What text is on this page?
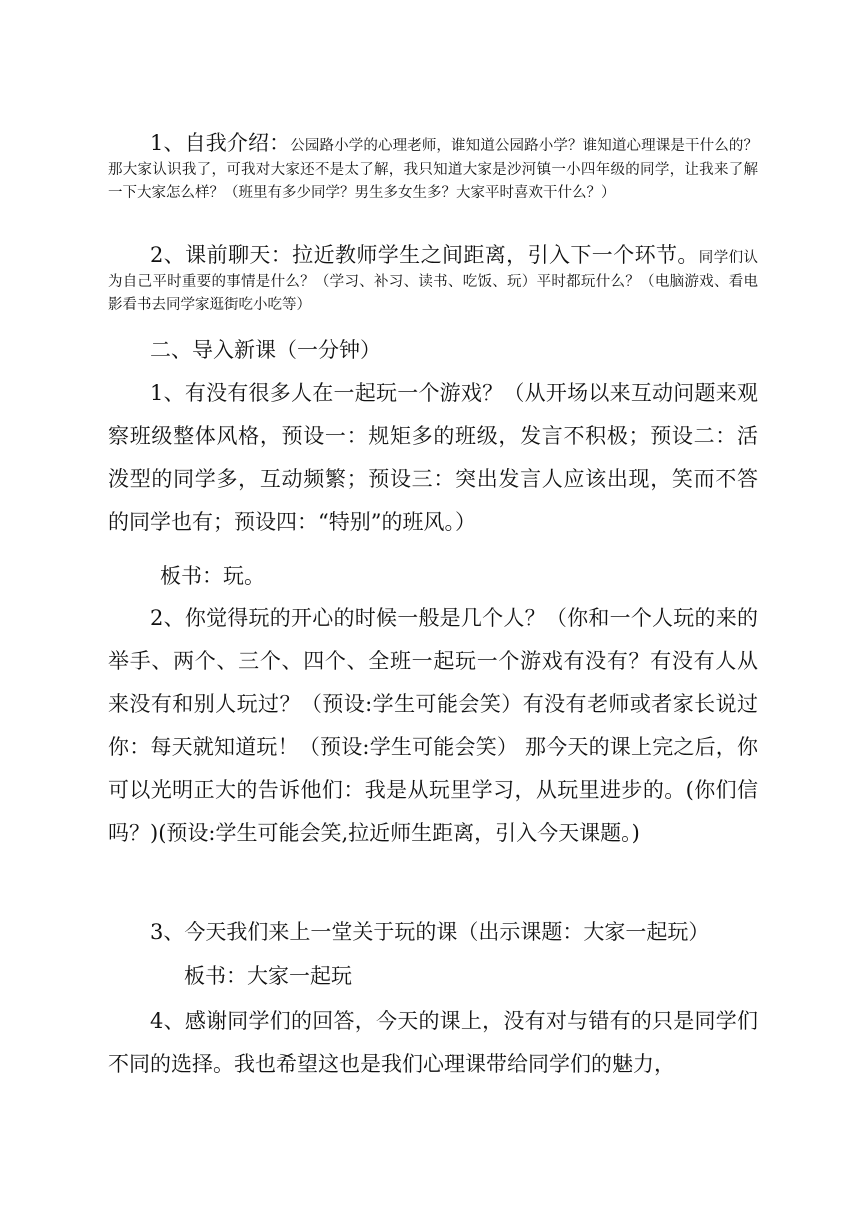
1、自我介绍：公园路小学的心理老师，谁知道公园路小学？谁知道心理课是干什么的？那大家认识我了，可我对大家还不是太了解，我只知道大家是沙河镇一小四年级的同学，让我来了解一下大家怎么样？（班里有多少同学？男生多女生多？大家平时喜欢干什么？）
2、课前聊天：拉近教师学生之间距离，引入下一个环节。同学们认为自己平时重要的事情是什么？（学习、补习、读书、吃饭、玩）平时都玩什么？（电脑游戏、看电影看书去同学家逛街吃小吃等）
二、导入新课（一分钟）
1、有没有很多人在一起玩一个游戏？（从开场以来互动问题来观察班级整体风格，预设一：规矩多的班级，发言不积极；预设二：活泼型的同学多，互动频繁；预设三：突出发言人应该出现，笑而不答的同学也有；预设四：“特别”的班风。）
板书：玩。
2、你觉得玩的开心的时候一般是几个人？（你和一个人玩的来的举手、两个、三个、四个、全班一起玩一个游戏有没有？有没有人从来没有和别人玩过？（预设:学生可能会笑）有没有老师或者家长说过你：每天就知道玩！（预设:学生可能会笑） 那今天的课上完之后，你可以光明正大的告诉他们：我是从玩里学习，从玩里进步的。(你们信吗？)(预设:学生可能会笑,拉近师生距离，引入今天课题。)
3、今天我们来上一堂关于玩的课（出示课题：大家一起玩）
板书：大家一起玩
4、感谢同学们的回答，今天的课上，没有对与错有的只是同学们不同的选择。我也希望这也是我们心理课带给同学们的魅力，
